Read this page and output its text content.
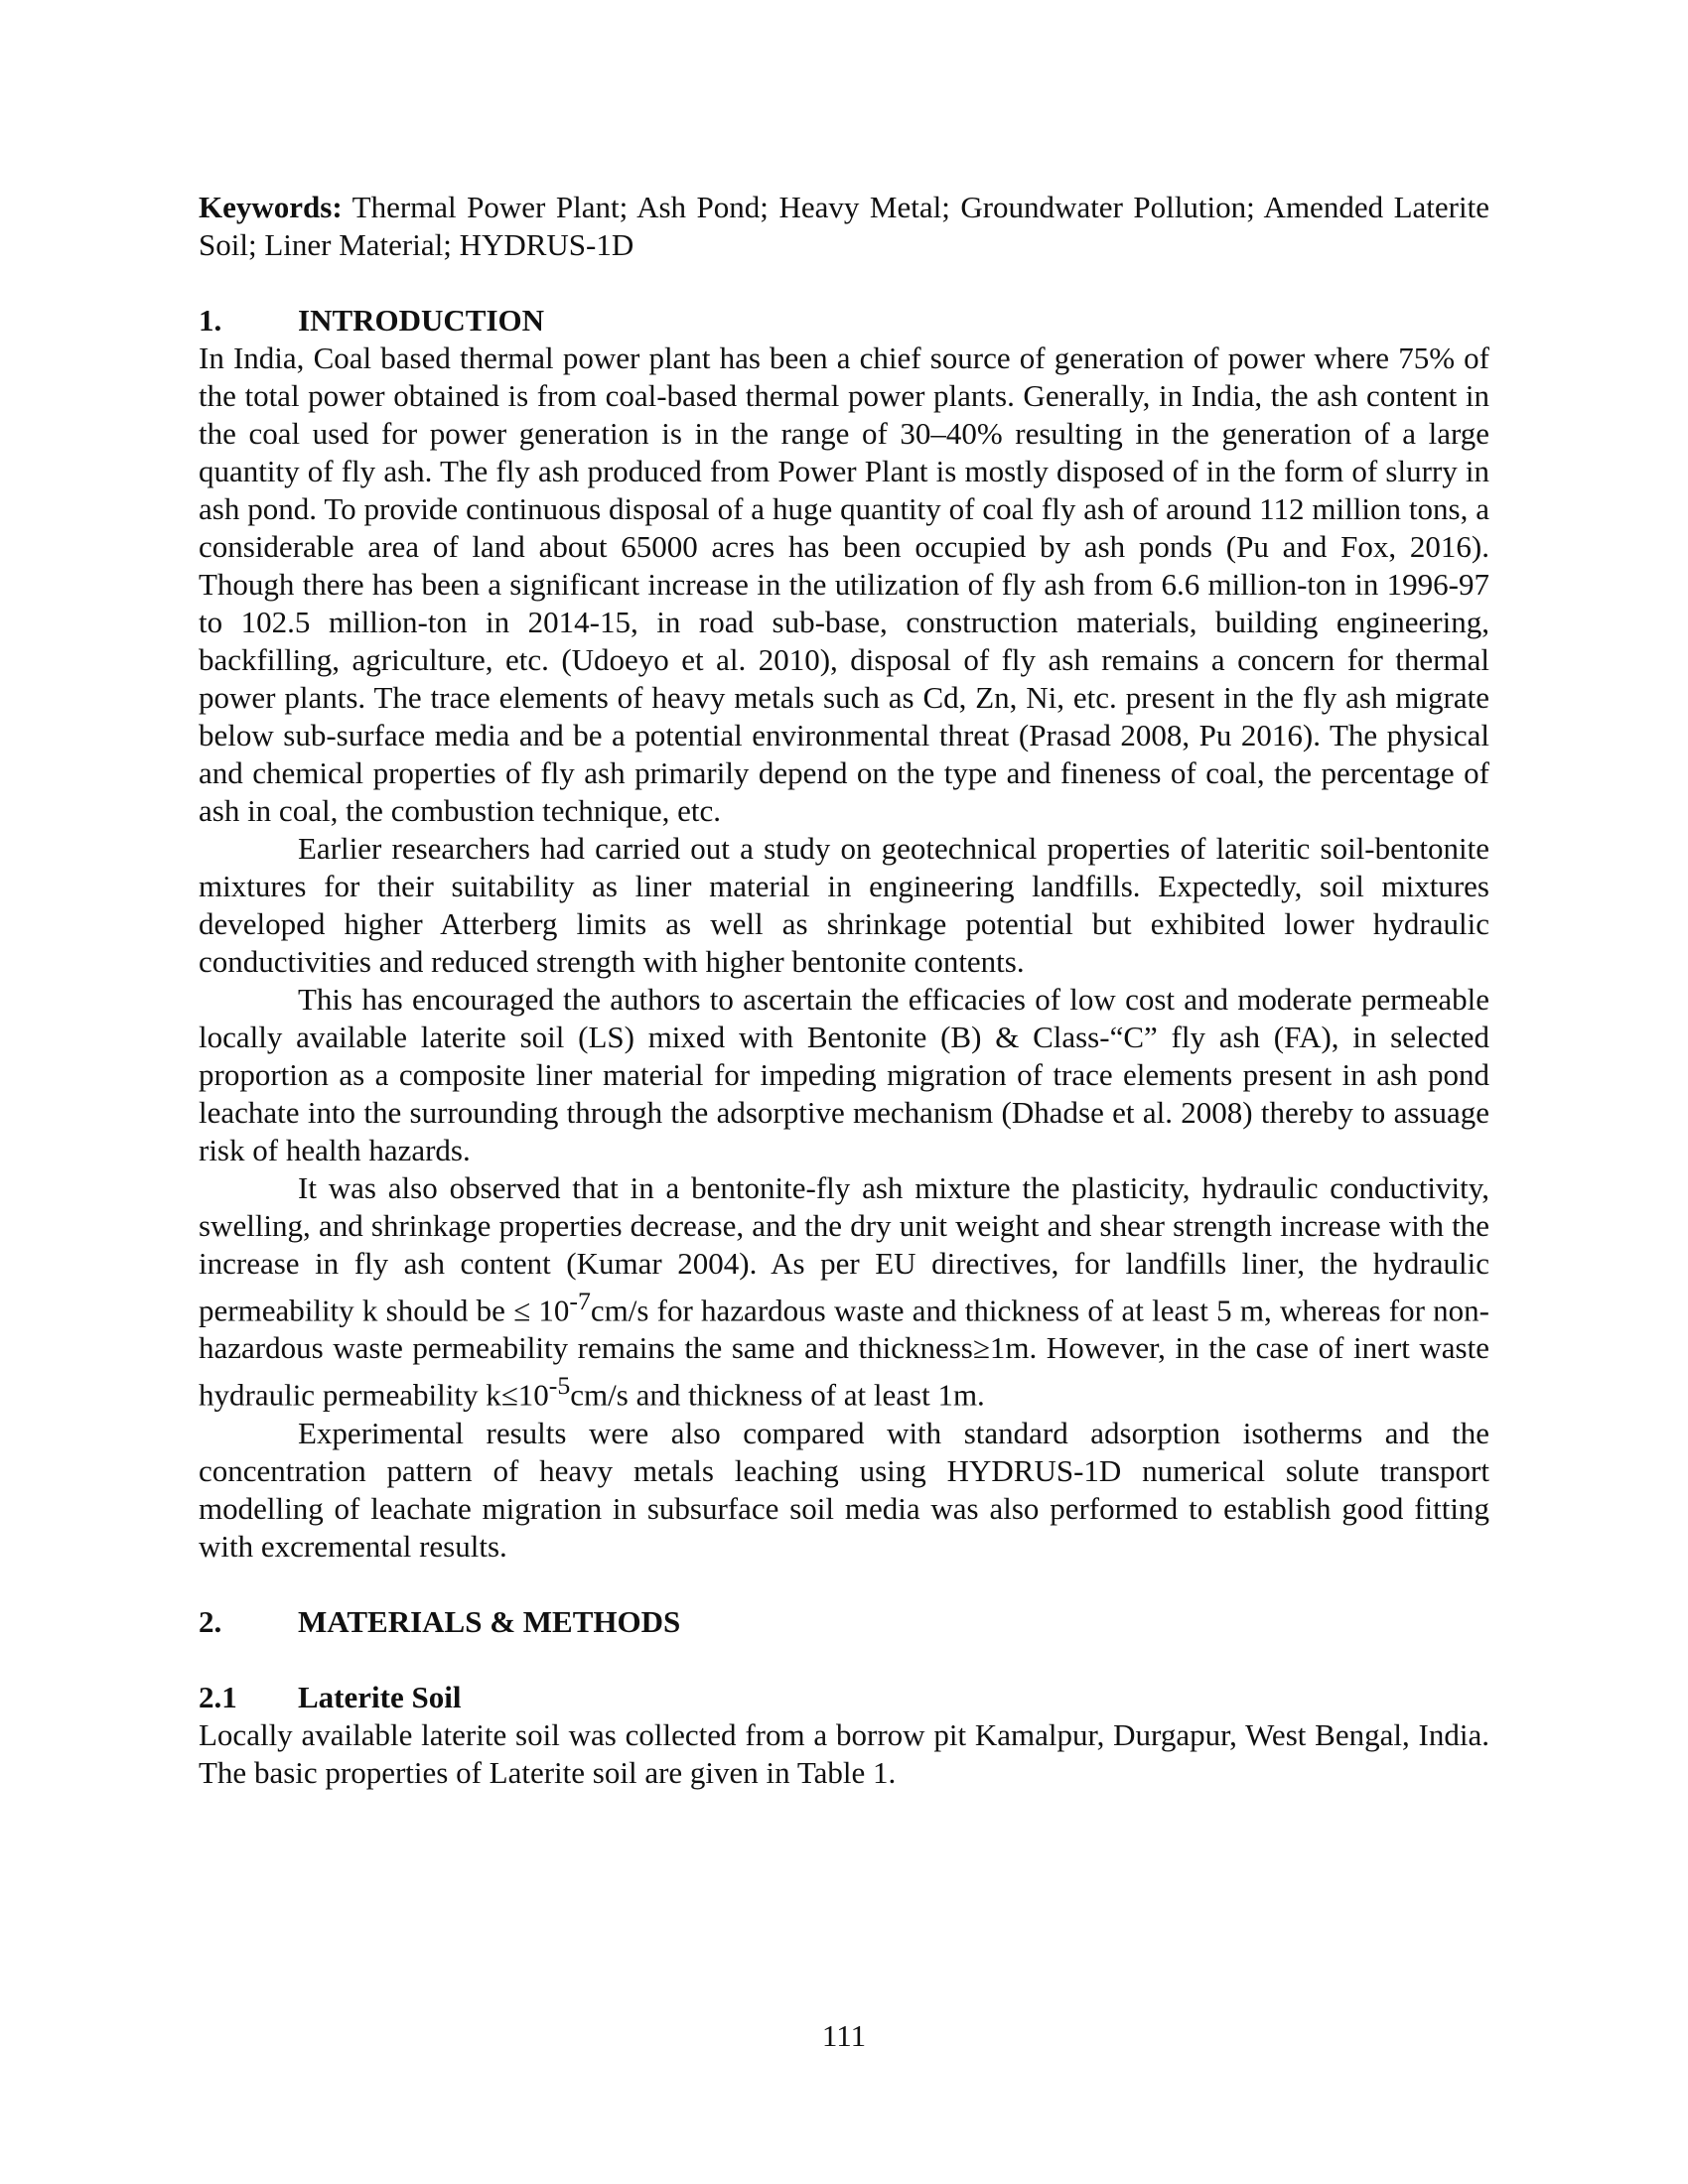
Keywords: Thermal Power Plant; Ash Pond; Heavy Metal; Groundwater Pollution; Amended Laterite Soil; Liner Material; HYDRUS-1D

1.	INTRODUCTION

In India, Coal based thermal power plant has been a chief source of generation of power where 75% of the total power obtained is from coal-based thermal power plants. Generally, in India, the ash content in the coal used for power generation is in the range of 30–40% resulting in the generation of a large quantity of fly ash. The fly ash produced from Power Plant is mostly disposed of in the form of slurry in ash pond. To provide continuous disposal of a huge quantity of coal fly ash of around 112 million tons, a considerable area of land about 65000 acres has been occupied by ash ponds (Pu and Fox, 2016). Though there has been a significant increase in the utilization of fly ash from 6.6 million-ton in 1996-97 to 102.5 million-ton in 2014-15, in road sub-base, construction materials, building engineering, backfilling, agriculture, etc. (Udoeyo et al. 2010), disposal of fly ash remains a concern for thermal power plants. The trace elements of heavy metals such as Cd, Zn, Ni, etc. present in the fly ash migrate below sub-surface media and be a potential environmental threat (Prasad 2008, Pu 2016). The physical and chemical properties of fly ash primarily depend on the type and fineness of coal, the percentage of ash in coal, the combustion technique, etc.

Earlier researchers had carried out a study on geotechnical properties of lateritic soil-bentonite mixtures for their suitability as liner material in engineering landfills. Expectedly, soil mixtures developed higher Atterberg limits as well as shrinkage potential but exhibited lower hydraulic conductivities and reduced strength with higher bentonite contents.

This has encouraged the authors to ascertain the efficacies of low cost and moderate permeable locally available laterite soil (LS) mixed with Bentonite (B) & Class-“C” fly ash (FA), in selected proportion as a composite liner material for impeding migration of trace elements present in ash pond leachate into the surrounding through the adsorptive mechanism (Dhadse et al. 2008) thereby to assuage risk of health hazards.

It was also observed that in a bentonite-fly ash mixture the plasticity, hydraulic conductivity, swelling, and shrinkage properties decrease, and the dry unit weight and shear strength increase with the increase in fly ash content (Kumar 2004). As per EU directives, for landfills liner, the hydraulic permeability k should be ≤ $10^{-7}cm/s$ for hazardous waste and thickness of at least 5 m, whereas for non-hazardous waste permeability remains the same and thickness≥1m. However, in the case of inert waste hydraulic permeability $k\le 10^{-5}cm/s$ and thickness of at least 1m.

Experimental results were also compared with standard adsorption isotherms and the concentration pattern of heavy metals leaching using HYDRUS-1D numerical solute transport modelling of leachate migration in subsurface soil media was also performed to establish good fitting with excremental results.

2.	MATERIALS & METHODS
2.1	Laterite Soil

Locally available laterite soil was collected from a borrow pit Kamalpur, Durgapur, West Bengal, India. The basic properties of Laterite soil are given in Table 1.

111
